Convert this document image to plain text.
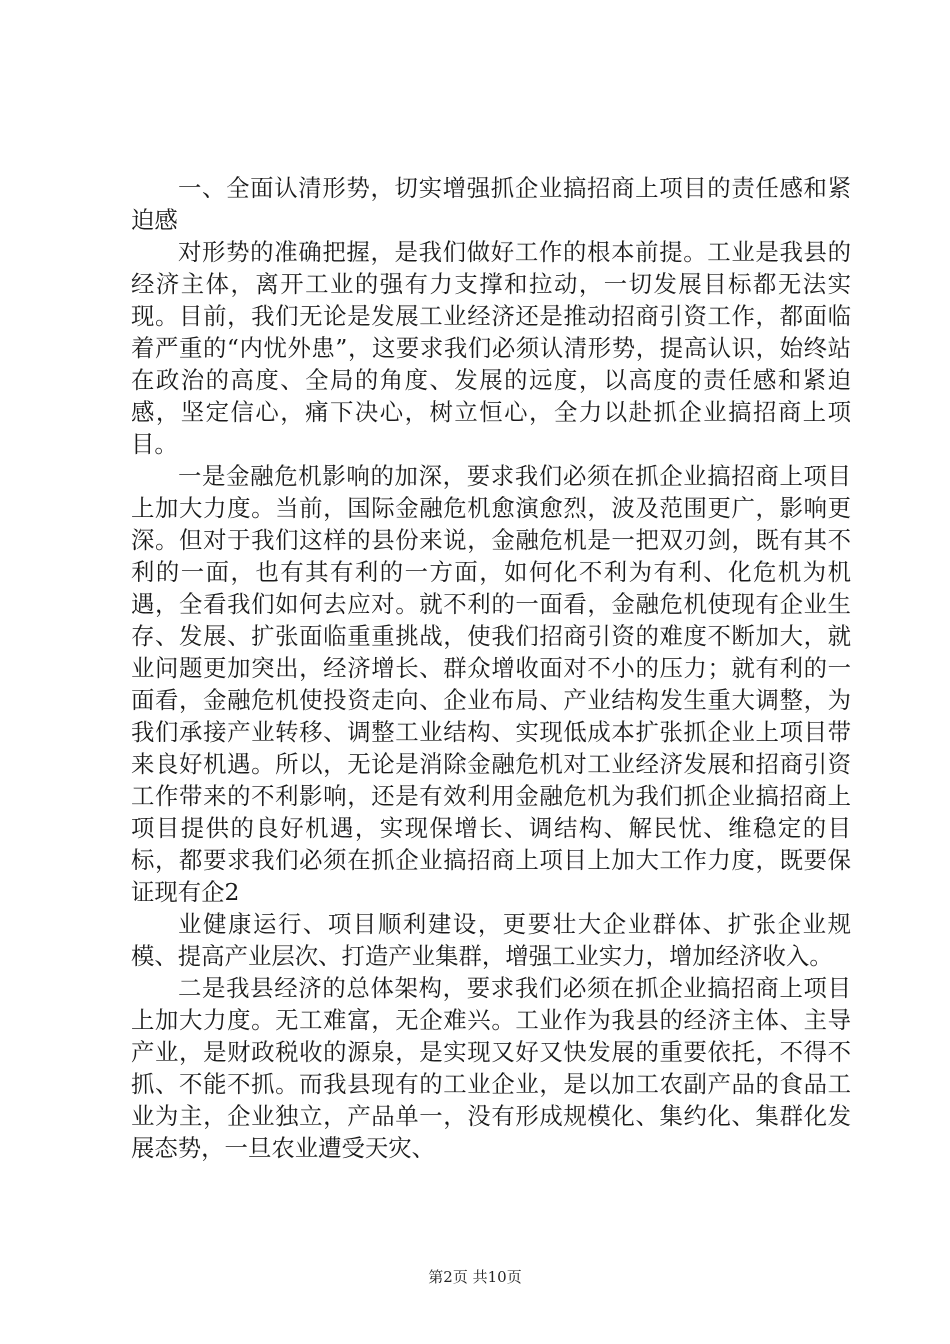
一、全面认清形势，切实增强抓企业搞招商上项目的责任感和紧迫感

对形势的准确把握，是我们做好工作的根本前提。工业是我县的经济主体，离开工业的强有力支撑和拉动，一切发展目标都无法实现。目前，我们无论是发展工业经济还是推动招商引资工作，都面临着严重的“内忧外患”，这要求我们必须认清形势，提高认识，始终站在政治的高度、全局的角度、发展的远度，以高度的责任感和紧迫感，坚定信心，痛下决心，树立恒心，全力以赴抓企业搞招商上项目。

一是金融危机影响的加深，要求我们必须在抓企业搞招商上项目上加大力度。当前，国际金融危机愈演愈烈，波及范围更广，影响更深。但对于我们这样的县份来说，金融危机是一把双刃剑，既有其不利的一面，也有其有利的一方面，如何化不利为有利、化危机为机遇，全看我们如何去应对。就不利的一面看，金融危机使现有企业生存、发展、扩张面临重重挑战，使我们招商引资的难度不断加大，就业问题更加突出，经济增长、群众增收面对不小的压力；就有利的一面看，金融危机使投资走向、企业布局、产业结构发生重大调整，为我们承接产业转移、调整工业结构、实现低成本扩张抓企业上项目带来良好机遇。所以，无论是消除金融危机对工业经济发展和招商引资工作带来的不利影响，还是有效利用金融危机为我们抓企业搞招商上项目提供的良好机遇，实现保增长、调结构、解民忧、维稳定的目标，都要求我们必须在抓企业搞招商上项目上加大工作力度，既要保证现有企2

业健康运行、项目顺利建设，更要壮大企业群体、扩张企业规模、提高产业层次、打造产业集群，增强工业实力，增加经济收入。

二是我县经济的总体架构，要求我们必须在抓企业搞招商上项目上加大力度。无工难富，无企难兴。工业作为我县的经济主体、主导产业，是财政税收的源泉，是实现又好又快发展的重要依托，不得不抓、不能不抓。而我县现有的工业企业，是以加工农副产品的食品工业为主，企业独立，产品单一，没有形成规模化、集约化、集群化发展态势，一旦农业遭受天灾、

第2页 共10页
